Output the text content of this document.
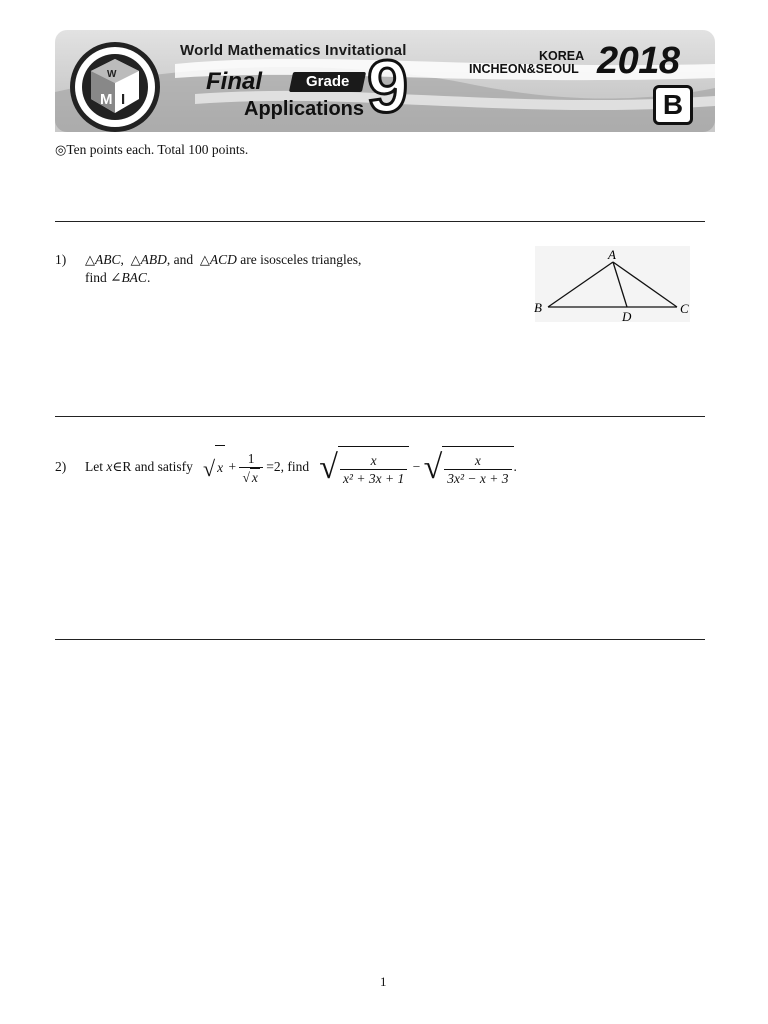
M I
W
World Mathematics Invitational
Final	Grade 9
Applications
KOREA
INCHEON&SEOUL 2018
B
◎Ten points each. Total 100 points.
1) △ABC, △ABD, and △ACD are isosceles triangles,
find ∠BAC.
A
B	C
D
2) Let x∈R and satisfy √ $x + \frac{1}{√ x} =2$, find √ $\frac{x}{\text{x² + 3x + 1}}$ − √ $\frac{x}{\text{3x² − x + 3}}$ .
1
